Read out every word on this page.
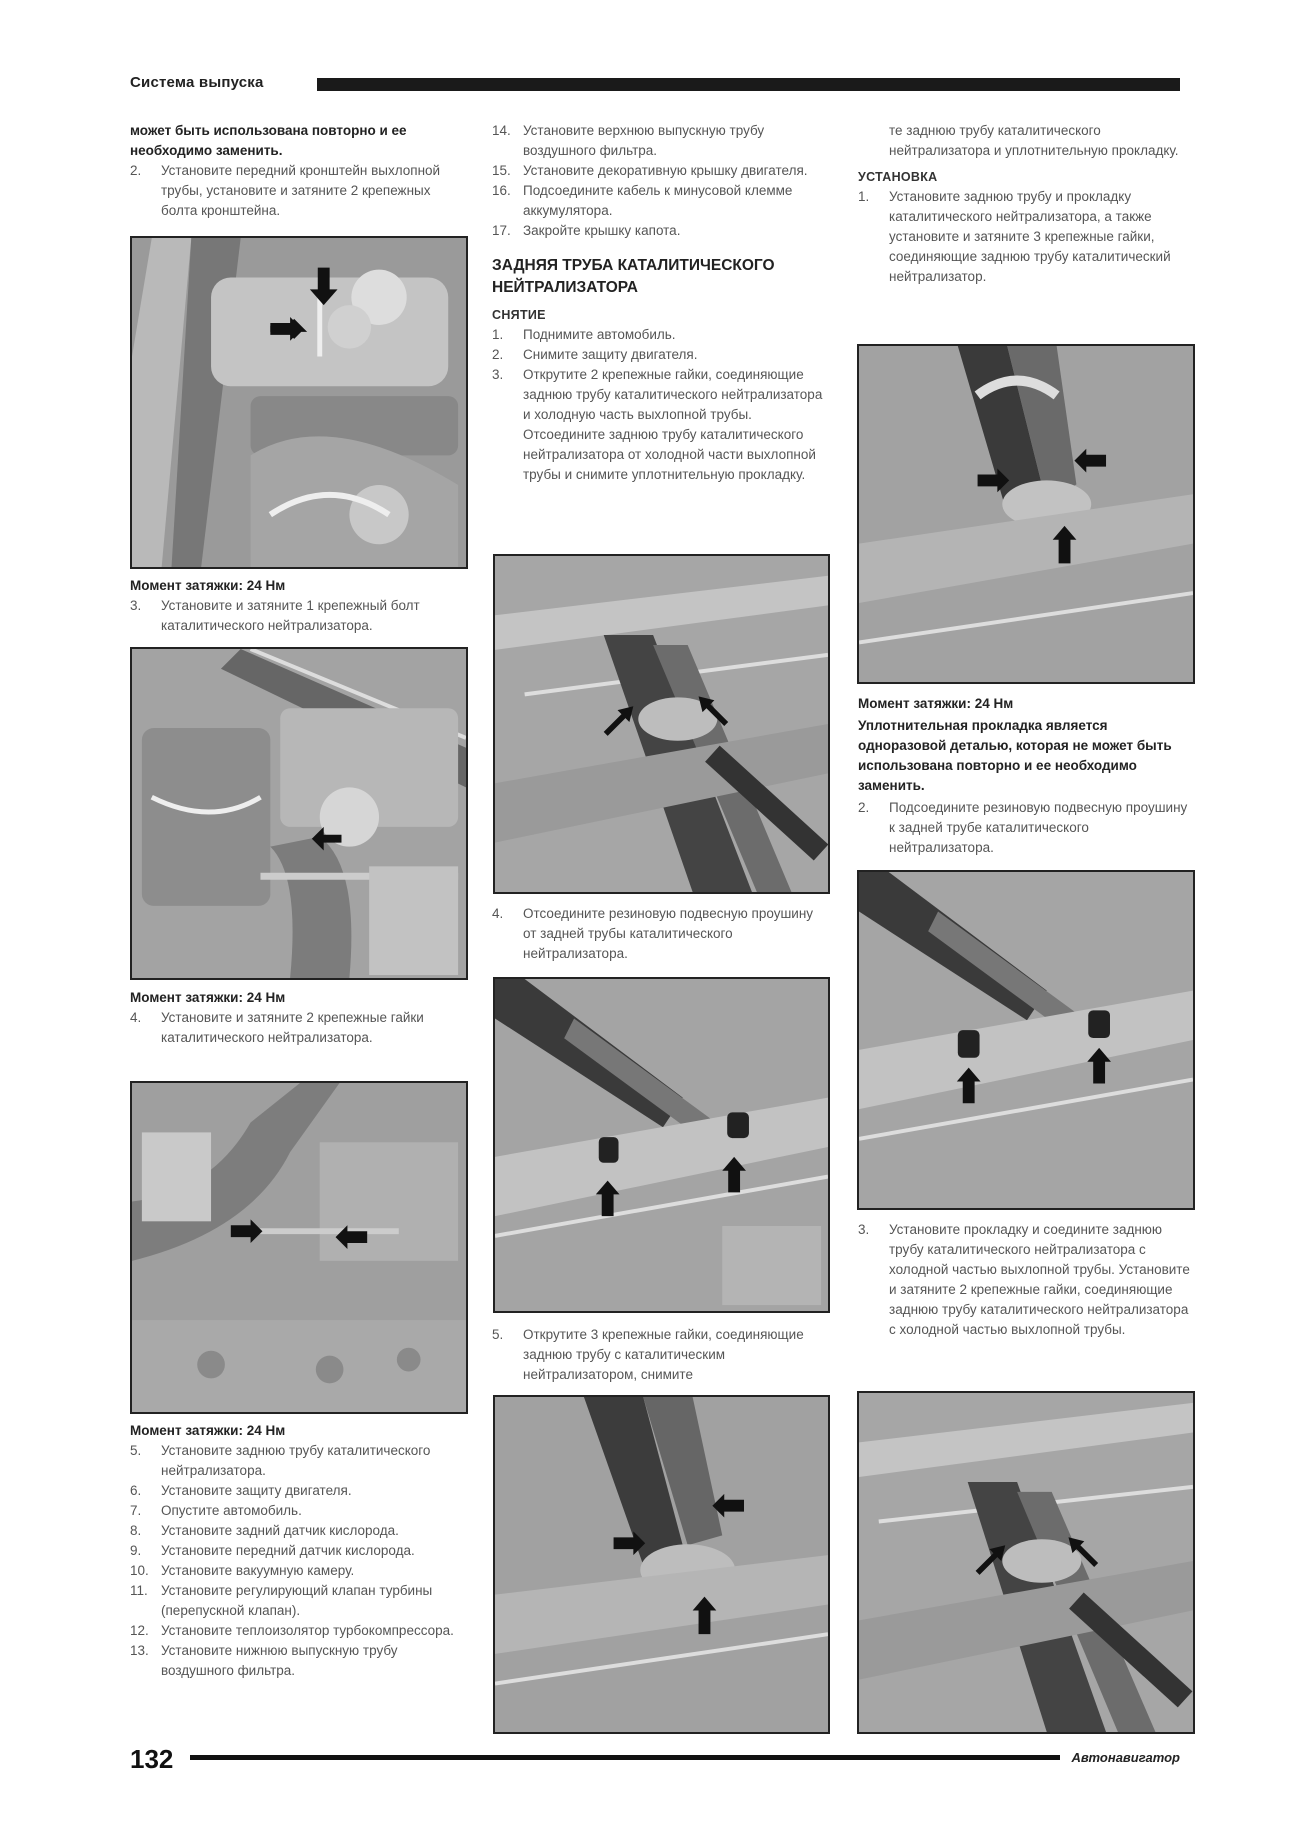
Система выпуска

может быть использована повторно и ее необходимо заменить.

2. Установите передний кронштейн выхлопной трубы, установите и затяните 2 крепежных болта кронштейна.

Момент затяжки: 24 Нм

3. Установите и затяните 1 крепежный болт каталитического нейтрализатора.

Момент затяжки: 24 Нм

4. Установите и затяните 2 крепежные гайки каталитического нейтрализатора.

Момент затяжки: 24 Нм

5. Установите заднюю трубу каталитического нейтрализатора.

6. Установите защиту двигателя.

7. Опустите автомобиль.

8. Установите задний датчик кислорода.

9. Установите передний датчик кислорода.

10. Установите вакуумную камеру.

11. Установите регулирующий клапан турбины (перепускной клапан).

12. Установите теплоизолятор турбокомпрессора.

13. Установите нижнюю выпускную трубу воздушного фильтра.

14. Установите верхнюю выпускную трубу воздушного фильтра.

15. Установите декоративную крышку двигателя.

16. Подсоедините кабель к минусовой клемме аккумулятора.

17. Закройте крышку капота.

ЗАДНЯЯ ТРУБА КАТАЛИТИЧЕСКОГО НЕЙТРАЛИЗАТОРА

СНЯТИЕ

1. Поднимите автомобиль.

2. Снимите защиту двигателя.

3. Открутите 2 крепежные гайки, соединяющие заднюю трубу каталитического нейтрализатора и холодную часть выхлопной трубы. Отсоедините заднюю трубу каталитического нейтрализатора от холодной части выхлопной трубы и снимите уплотнительную прокладку.

4. Отсоедините резиновую подвесную проушину от задней трубы каталитического нейтрализатора.

5. Открутите 3 крепежные гайки, соединяющие заднюю трубу с каталитическим нейтрализатором, снимите

те заднюю трубу каталитического нейтрализатора и уплотнительную прокладку.

УСТАНОВКА

1. Установите заднюю трубу и прокладку каталитического нейтрализатора, а также установите и затяните 3 крепежные гайки, соединяющие заднюю трубу каталитический нейтрализатор.

Момент затяжки: 24 Нм

Уплотнительная прокладка является одноразовой деталью, которая не может быть использована повторно и ее необходимо заменить.

2. Подсоедините резиновую подвесную проушину к задней трубе каталитического нейтрализатора.

3. Установите прокладку и соедините заднюю трубу каталитического нейтрализатора с холодной частью выхлопной трубы. Установите и затяните 2 крепежные гайки, соединяющие заднюю трубу каталитического нейтрализатора с холодной частью выхлопной трубы.

132	Автонавигатор
